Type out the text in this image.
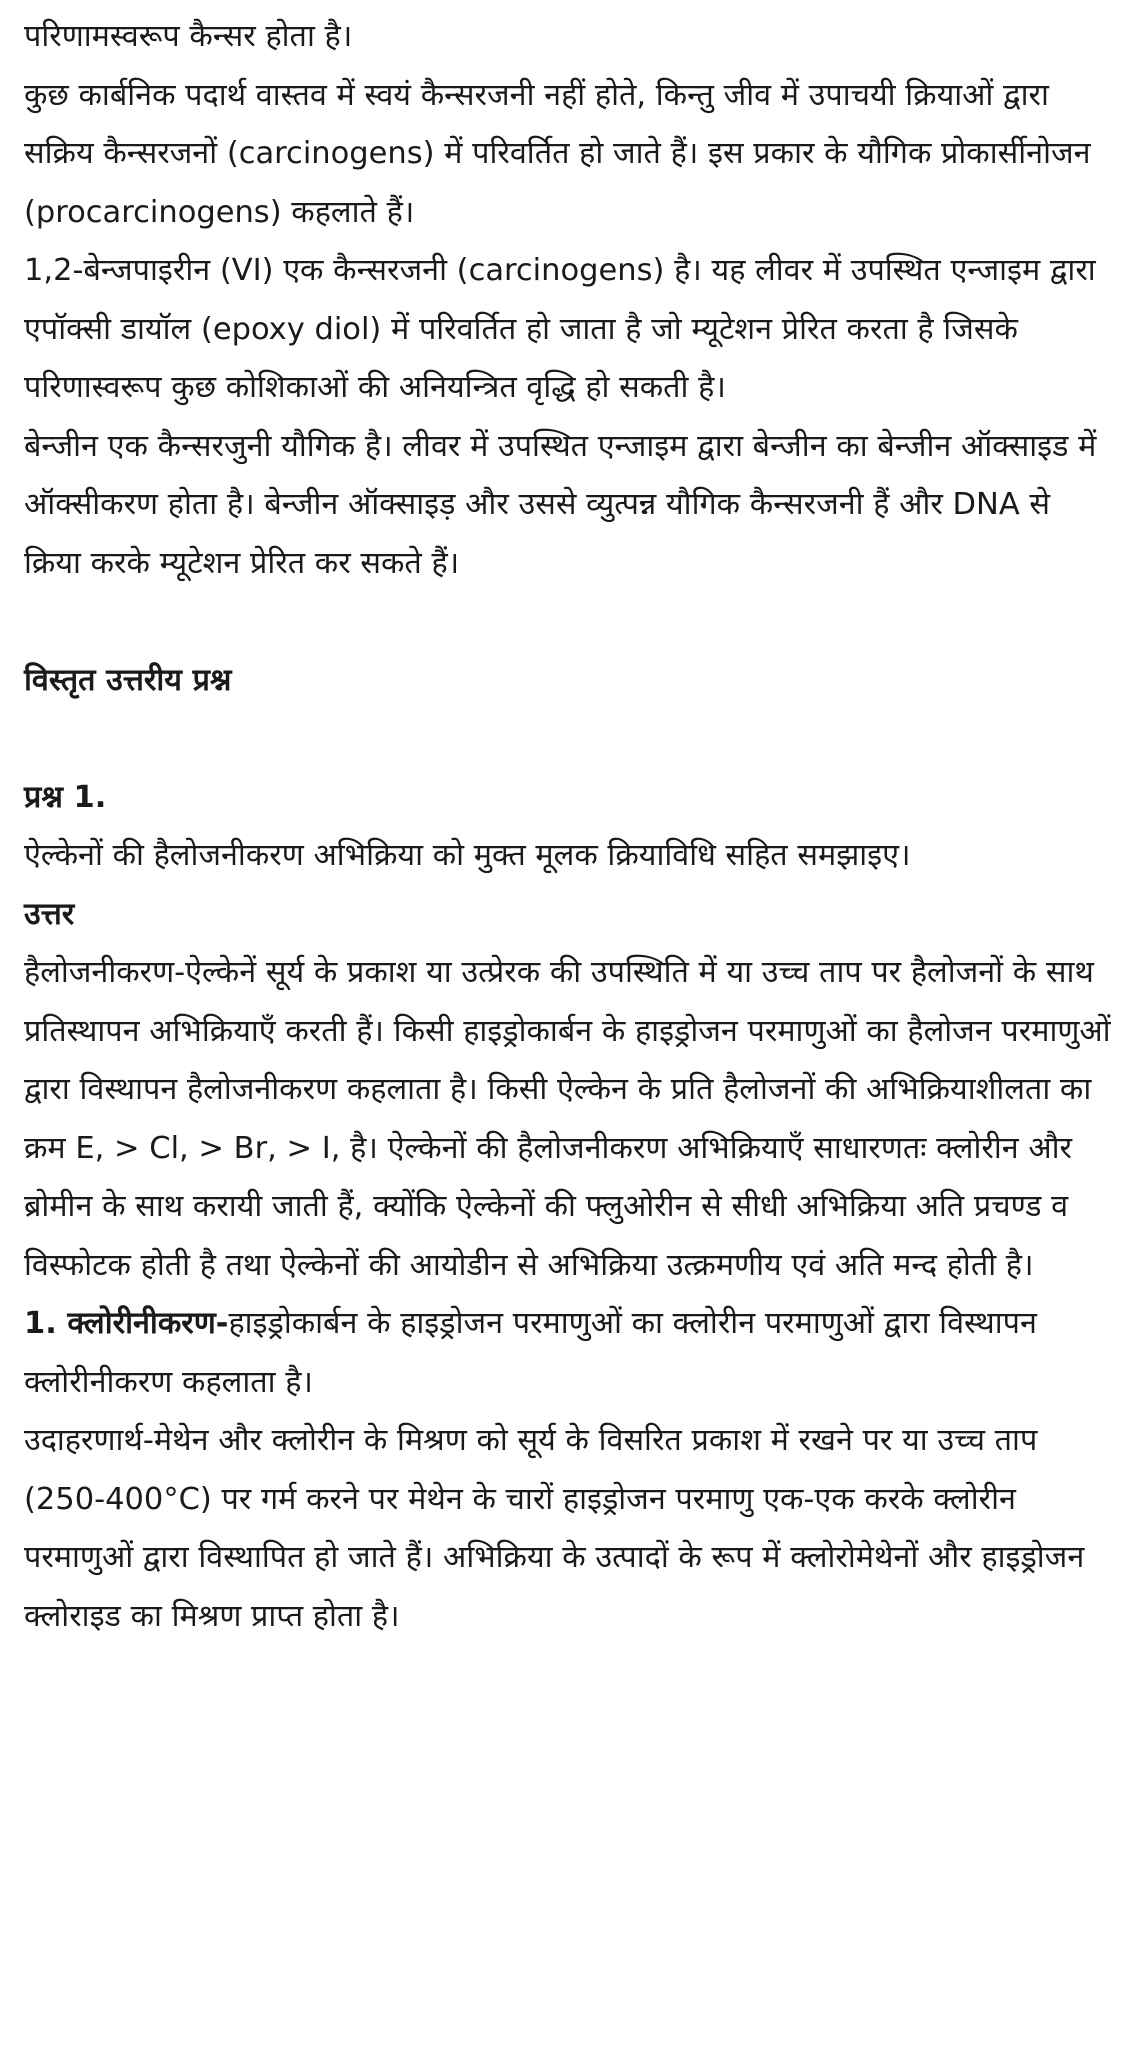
परिणामस्वरूप कैन्सर होता है।

कुछ कार्बनिक पदार्थ वास्तव में स्वयं कैन्सरजनी नहीं होते, किन्तु जीव में उपाचयी क्रियाओं द्वारा सक्रिय कैन्सरजनों (carcinogens) में परिवर्तित हो जाते हैं। इस प्रकार के यौगिक प्रोकार्सीनोजन (procarcinogens) कहलाते हैं।

1,2-बेन्जपाइरीन (VI) एक कैन्सरजनी (carcinogens) है। यह लीवर में उपस्थित एन्जाइम द्वारा एपॉक्सी डायॉल (epoxy diol) में परिवर्तित हो जाता है जो म्यूटेशन प्रेरित करता है जिसके परिणास्वरूप कुछ कोशिकाओं की अनियन्त्रित वृद्धि हो सकती है।

बेन्जीन एक कैन्सरजुनी यौगिक है। लीवर में उपस्थित एन्जाइम द्वारा बेन्जीन का बेन्जीन ऑक्साइड में ऑक्सीकरण होता है। बेन्जीन ऑक्साइड़ और उससे व्युत्पन्न यौगिक कैन्सरजनी हैं और DNA से क्रिया करके म्यूटेशन प्रेरित कर सकते हैं।

विस्तृत उत्तरीय प्रश्न

प्रश्न 1.

ऐल्केनों की हैलोजनीकरण अभिक्रिया को मुक्त मूलक क्रियाविधि सहित समझाइए।

उत्तर

हैलोजनीकरण-ऐल्केनें सूर्य के प्रकाश या उत्प्रेरक की उपस्थिति में या उच्च ताप पर हैलोजनों के साथ प्रतिस्थापन अभिक्रियाएँ करती हैं। किसी हाइड्रोकार्बन के हाइड्रोजन परमाणुओं का हैलोजन परमाणुओं द्वारा विस्थापन हैलोजनीकरण कहलाता है। किसी ऐल्केन के प्रति हैलोजनों की अभिक्रियाशीलता का क्रम E, > Cl, > Br, > I, है। ऐल्केनों की हैलोजनीकरण अभिक्रियाएँ साधारणतः क्लोरीन और ब्रोमीन के साथ करायी जाती हैं, क्योंकि ऐल्केनों की फ्लुओरीन से सीधी अभिक्रिया अति प्रचण्ड व विस्फोटक होती है तथा ऐल्केनों की आयोडीन से अभिक्रिया उत्क्रमणीय एवं अति मन्द होती है।

1. क्लोरीनीकरण-हाइड्रोकार्बन के हाइड्रोजन परमाणुओं का क्लोरीन परमाणुओं द्वारा विस्थापन क्लोरीनीकरण कहलाता है।

उदाहरणार्थ-मेथेन और क्लोरीन के मिश्रण को सूर्य के विसरित प्रकाश में रखने पर या उच्च ताप (250-400°C) पर गर्म करने पर मेथेन के चारों हाइड्रोजन परमाणु एक-एक करके क्लोरीन परमाणुओं द्वारा विस्थापित हो जाते हैं। अभिक्रिया के उत्पादों के रूप में क्लोरोमेथेनों और हाइड्रोजन क्लोराइड का मिश्रण प्राप्त होता है।
